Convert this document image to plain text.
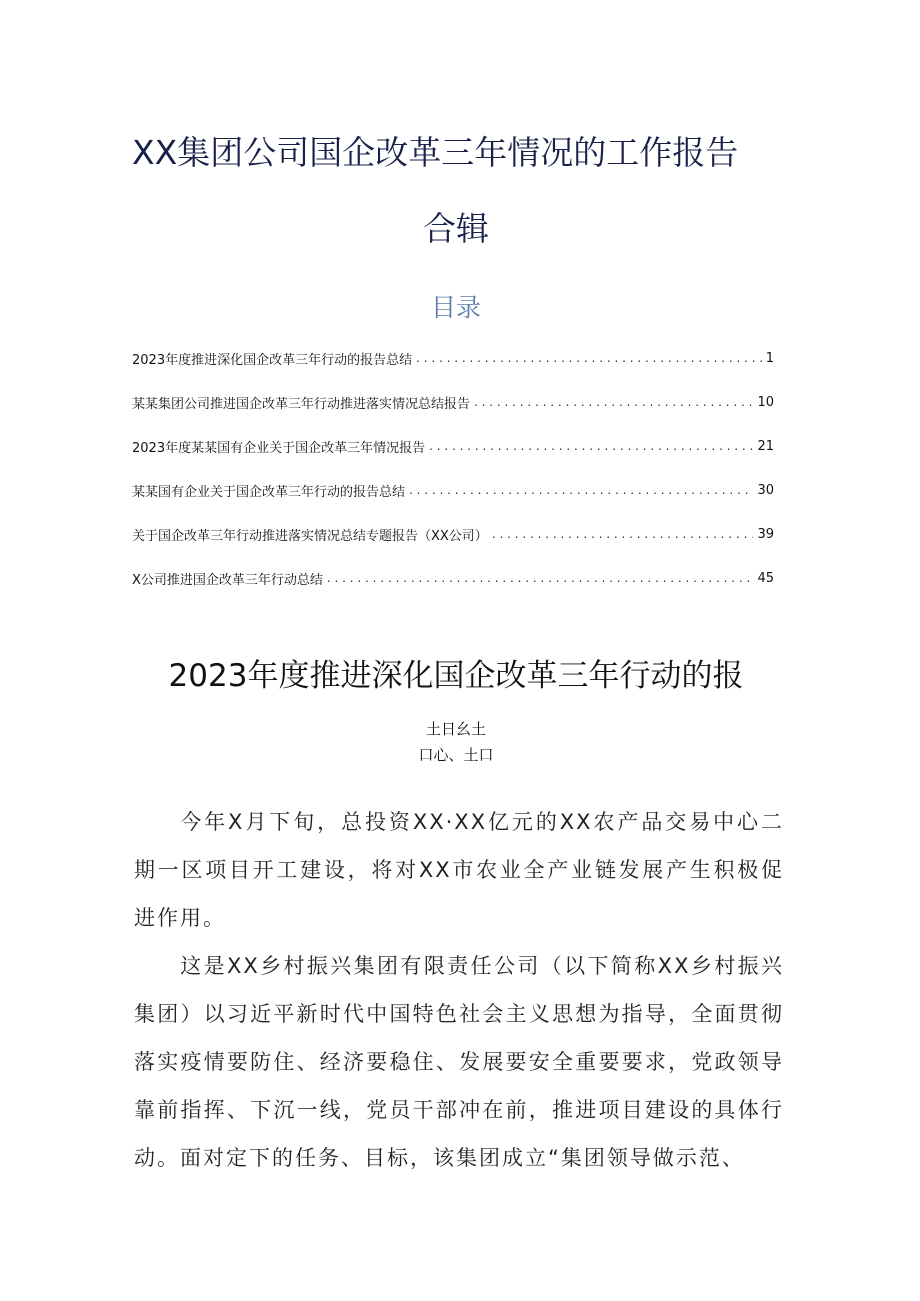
XX集团公司国企改革三年情况的工作报告
合辑
目录
2023年度推进深化国企改革三年行动的报告总结 . . .	1
某某集团公司推进国企改革三年行动推进落实情况总结报告 . . .	10
2023年度某某国有企业关于国企改革三年情况报告 . . .	21
某某国有企业关于国企改革三年行动的报告总结 . . .	30
关于国企改革三年行动推进落实情况总结专题报告（XX公司） . . .	39
X公司推进国企改革三年行动总结 . . .	45
2023年度推进深化国企改革三年行动的报
土日幺土
口心、土口

今年X月下旬，总投资XX·XX亿元的XX农产品交易中心二期一区项目开工建设，将对XX市农业全产业链发展产生积极促进作用。

这是XX乡村振兴集团有限责任公司（以下简称XX乡村振兴集团）以习近平新时代中国特色社会主义思想为指导，全面贯彻落实疫情要防住、经济要稳住、发展要安全重要要求，党政领导靠前指挥、下沉一线，党员干部冲在前，推进项目建设的具体行动。面对定下的任务、目标，该集团成立“集团领导做示范、
